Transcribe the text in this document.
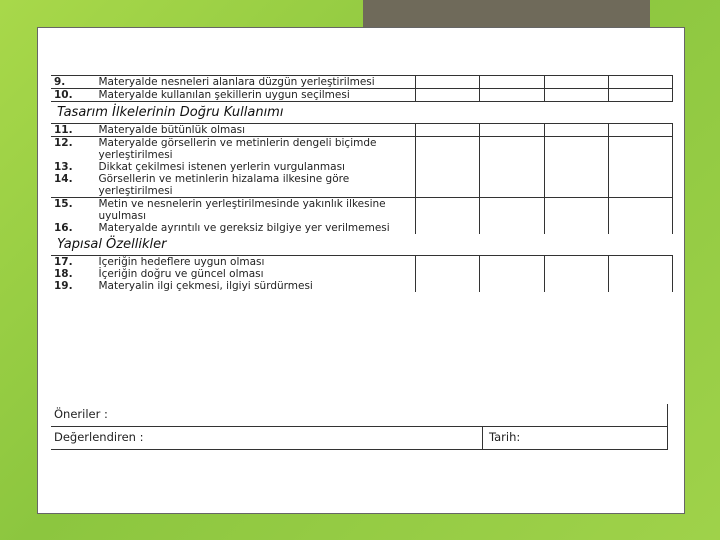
9.	Materyalde nesneleri alanlara düzgün yerleştirilmesi				
10.	Materyalde kullanılan şekillerin uygun seçilmesi				
Tasarım İlkelerinin Doğru Kullanımı					
11.	Materyalde bütünlük olması				
12.	Materyalde görsellerin ve metinlerin dengeli biçimde yerleştirilmesi				
13.	Dikkat çekilmesi istenen yerlerin vurgulanması				
14.	Görsellerin ve metinlerin hizalama ilkesine göre yerleştirilmesi				
15.	Metin ve nesnelerin yerleştirilmesinde yakınlık ilkesine uyulması				
16.	Materyalde ayrıntılı ve gereksiz bilgiye yer verilmemesi				
Yapısal Özellikler					
17.	İçeriğin hedeflere uygun olması				
18.	İçeriğin doğru ve güncel olması				
19.	Materyalin ilgi çekmesi, ilgiyi sürdürmesi				
Öneriler :
Değerlendiren :	Tarih:
